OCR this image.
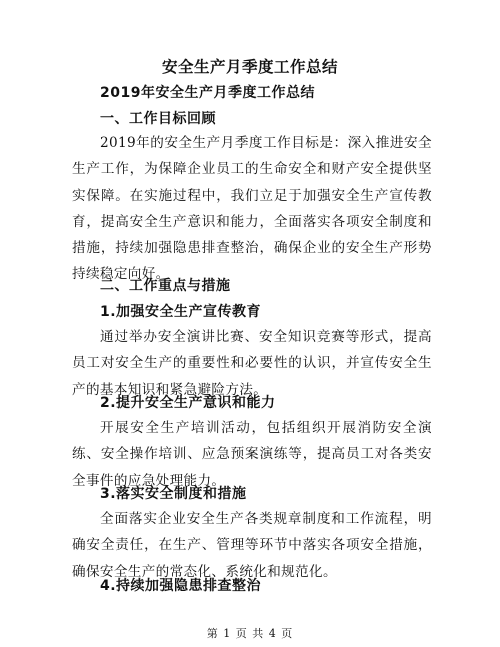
安全生产月季度工作总结
2019年安全生产月季度工作总结
一、工作目标回顾

2019年的安全生产月季度工作目标是：深入推进安全生产工作，为保障企业员工的生命安全和财产安全提供坚实保障。在实施过程中，我们立足于加强安全生产宣传教育，提高安全生产意识和能力，全面落实各项安全制度和措施，持续加强隐患排查整治，确保企业的安全生产形势持续稳定向好。

二、工作重点与措施
1.加强安全生产宣传教育

通过举办安全演讲比赛、安全知识竞赛等形式，提高员工对安全生产的重要性和必要性的认识，并宣传安全生产的基本知识和紧急避险方法。

2.提升安全生产意识和能力

开展安全生产培训活动，包括组织开展消防安全演练、安全操作培训、应急预案演练等，提高员工对各类安全事件的应急处理能力。

3.落实安全制度和措施

全面落实企业安全生产各类规章制度和工作流程，明确安全责任，在生产、管理等环节中落实各项安全措施，确保安全生产的常态化、系统化和规范化。

4.持续加强隐患排查整治
第 1 页 共 4 页
